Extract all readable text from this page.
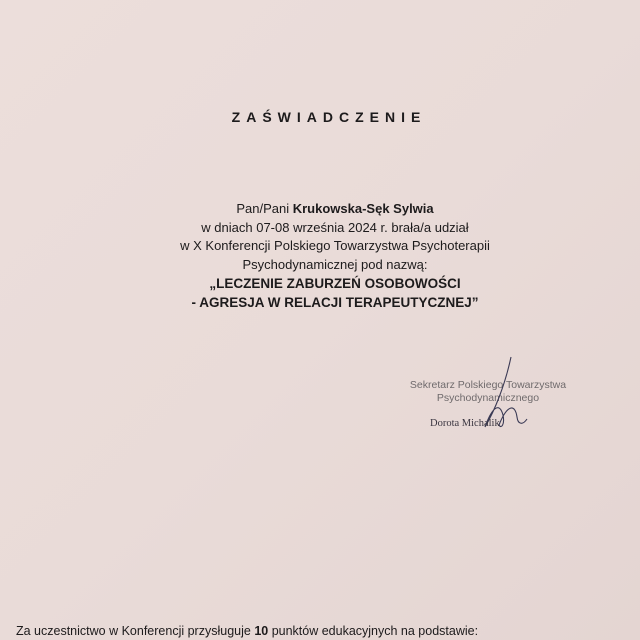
ZAŚWIADCZENIE
Pan/Pani Krukowska-Sęk Sylwia
w dniach 07-08 września 2024 r. brała/a udział
w X Konferencji Polskiego Towarzystwa Psychoterapii
Psychodynamicznej pod nazwą:
„LECZENIE ZABURZEŃ OSOBOWOŚCI
- AGRESJA W RELACJI TERAPEUTYCZNEJ”
Sekretarz Polskiego Towarzystwa
Psychodynamicznego
Dorota Michalik
Za uczestnictwo w Konferencji przysługuje 10 punktów edukacyjnych na podstawie:
